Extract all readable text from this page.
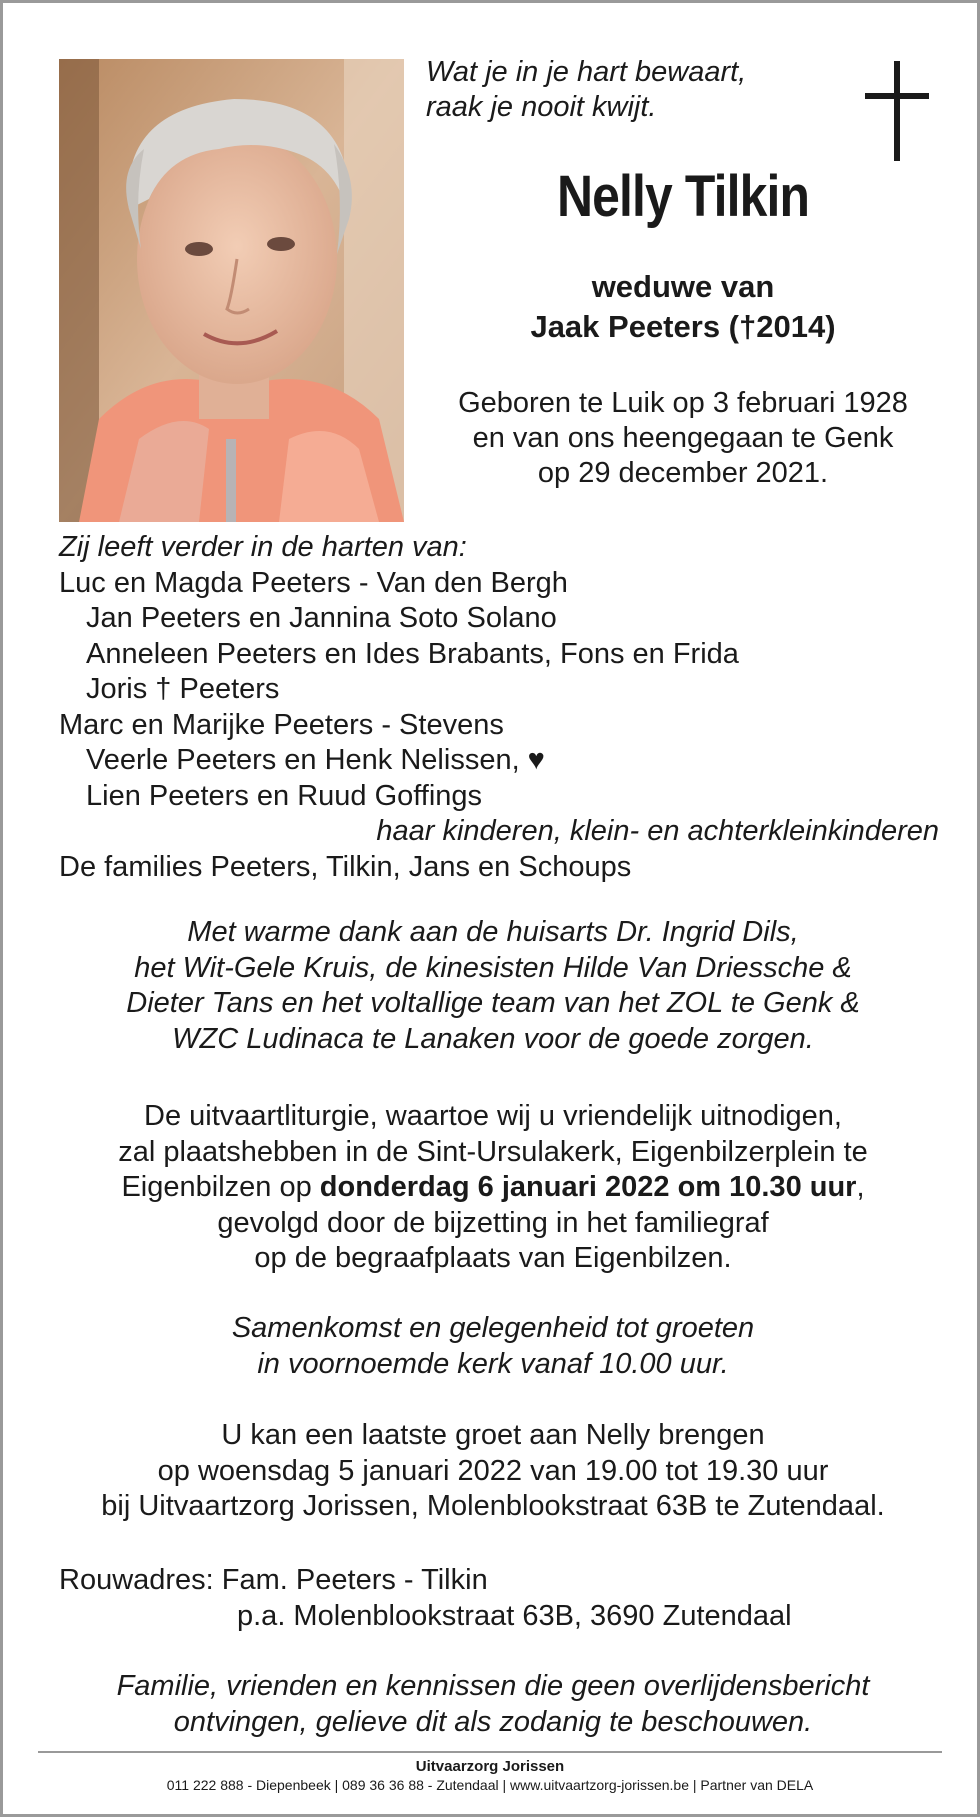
Wat je in je hart bewaart,
raak je nooit kwijt.
Nelly Tilkin
weduwe van
Jaak Peeters (†2014)
Geboren te Luik op 3 februari 1928
en van ons heengegaan te Genk
op 29 december 2021.
Zij leeft verder in de harten van:
Luc en Magda Peeters - Van den Bergh
Jan Peeters en Jannina Soto Solano
Anneleen Peeters en Ides Brabants, Fons en Frida
Joris † Peeters
Marc en Marijke Peeters - Stevens
Veerle Peeters en Henk Nelissen, ♥
Lien Peeters en Ruud Goffings
haar kinderen, klein- en achterkleinkinderen
De families Peeters, Tilkin, Jans en Schoups
Met warme dank aan de huisarts Dr. Ingrid Dils,
het Wit-Gele Kruis, de kinesisten Hilde Van Driessche &
Dieter Tans en het voltallige team van het ZOL te Genk &
WZC Ludinaca te Lanaken voor de goede zorgen.
De uitvaartliturgie, waartoe wij u vriendelijk uitnodigen,
zal plaatshebben in de Sint-Ursulakerk, Eigenbilzerplein te
Eigenbilzen op donderdag 6 januari 2022 om 10.30 uur,
gevolgd door de bijzetting in het familiegraf
op de begraafplaats van Eigenbilzen.
Samenkomst en gelegenheid tot groeten
in voornoemde kerk vanaf 10.00 uur.
U kan een laatste groet aan Nelly brengen
op woensdag 5 januari 2022 van 19.00 tot 19.30 uur
bij Uitvaartzorg Jorissen, Molenblookstraat 63B te Zutendaal.
Rouwadres: Fam. Peeters - Tilkin
p.a. Molenblookstraat 63B, 3690 Zutendaal
Familie, vrienden en kennissen die geen overlijdensbericht
ontvingen, gelieve dit als zodanig te beschouwen.
Uitvaarzorg Jorissen
011 222 888 - Diepenbeek | 089 36 36 88 - Zutendaal | www.uitvaartzorg-jorissen.be | Partner van DELA
